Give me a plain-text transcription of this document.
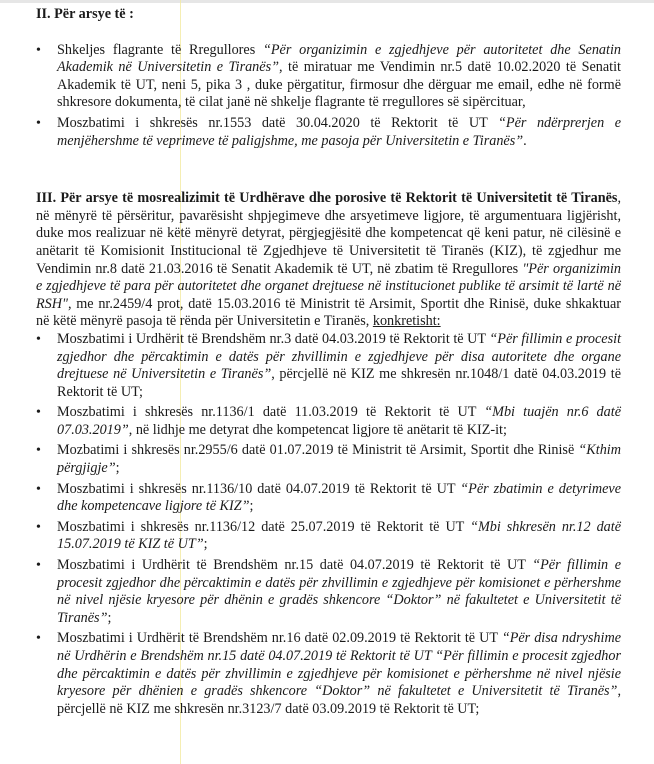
II. Për arsye të :
• Shkeljes flagrante të Rregullores “Për organizimin e zgjedhjeve për autoritetet dhe Senatin Akademik në Universitetin e Tiranës”, të miratuar me Vendimin nr.5 datë 10.02.2020 të Senatit Akademik të UT, neni 5, pika 3 , duke përgatitur, firmosur dhe dërguar me email, edhe në formë shkresore dokumenta, të cilat janë në shkelje flagrante të rregullores së sipërcituar,
• Moszbatimi i shkresës nr.1553 datë 30.04.2020 të Rektorit të UT “Për ndërprerjen e menjëhershme të veprimeve të paligjshme, me pasoja për Universitetin e Tiranës”.
III. Për arsye të mosrealizimit të Urdhërave dhe porosive të Rektorit të Universitetit të Tiranës, në mënyrë të përsëritur, pavarësisht shpjegimeve dhe arsyetimeve ligjore, të argumentuara ligjërisht, duke mos realizuar në këtë mënyrë detyrat, përgjegjësitë dhe kompetencat që keni patur, në cilësinë e anëtarit të Komisionit Institucional të Zgjedhjeve të Universitetit të Tiranës (KIZ), të zgjedhur me Vendimin nr.8 datë 21.03.2016 të Senatit Akademik të UT, në zbatim të Rregullores "Për organizimin e zgjedhjeve të para për autoritetet dhe organet drejtuese në institucionet publike të arsimit të lartë në RSH", me nr.2459/4 prot, datë 15.03.2016 të Ministrit të Arsimit, Sportit dhe Rinisë, duke shkaktuar në këtë mënyrë pasoja të rënda për Universitetin e Tiranës, konkretisht:
• Moszbatimi i Urdhërit të Brendshëm nr.3 datë 04.03.2019 të Rektorit të UT “Për fillimin e procesit zgjedhor dhe përcaktimin e datës për zhvillimin e zgjedhjeve për disa autoritete dhe organe drejtuese në Universitetin e Tiranës”, përcjellë në KIZ me shkresën nr.1048/1 datë 04.03.2019 të Rektorit të UT;
• Moszbatimi i shkresës nr.1136/1 datë 11.03.2019 të Rektorit të UT “Mbi tuajën nr.6 datë 07.03.2019”, në lidhje me detyrat dhe kompetencat ligjore të anëtarit të KIZ-it;
• Mozbatimi i shkresës nr.2955/6 datë 01.07.2019 të Ministrit të Arsimit, Sportit dhe Rinisë “Kthim përgjigje”;
• Moszbatimi i shkresës nr.1136/10 datë 04.07.2019 të Rektorit të UT “Për zbatimin e detyrimeve dhe kompetencave ligjore të KIZ”;
• Moszbatimi i shkresës nr.1136/12 datë 25.07.2019 të Rektorit të UT “Mbi shkresën nr.12 datë 15.07.2019 të KIZ të UT”;
• Moszbatimi i Urdhërit të Brendshëm nr.15 datë 04.07.2019 të Rektorit të UT “Për fillimin e procesit zgjedhor dhe përcaktimin e datës për zhvillimin e zgjedhjeve për komisionet e përhershme në nivel njësie kryesore për dhënin e gradës shkencore “Doktor” në fakultetet e Universitetit të Tiranës”;
• Moszbatimi i Urdhërit të Brendshëm nr.16 datë 02.09.2019 të Rektorit të UT “Për disa ndryshime në Urdhërin e Brendshëm nr.15 datë 04.07.2019 të Rektorit të UT “Për fillimin e procesit zgjedhor dhe përcaktimin e datës për zhvillimin e zgjedhjeve për komisionet e përhershme në nivel njësie kryesore për dhënien e gradës shkencore “Doktor” në fakultetet e Universitetit të Tiranës”, përcjellë në KIZ me shkresën nr.3123/7 datë 03.09.2019 të Rektorit të UT;
